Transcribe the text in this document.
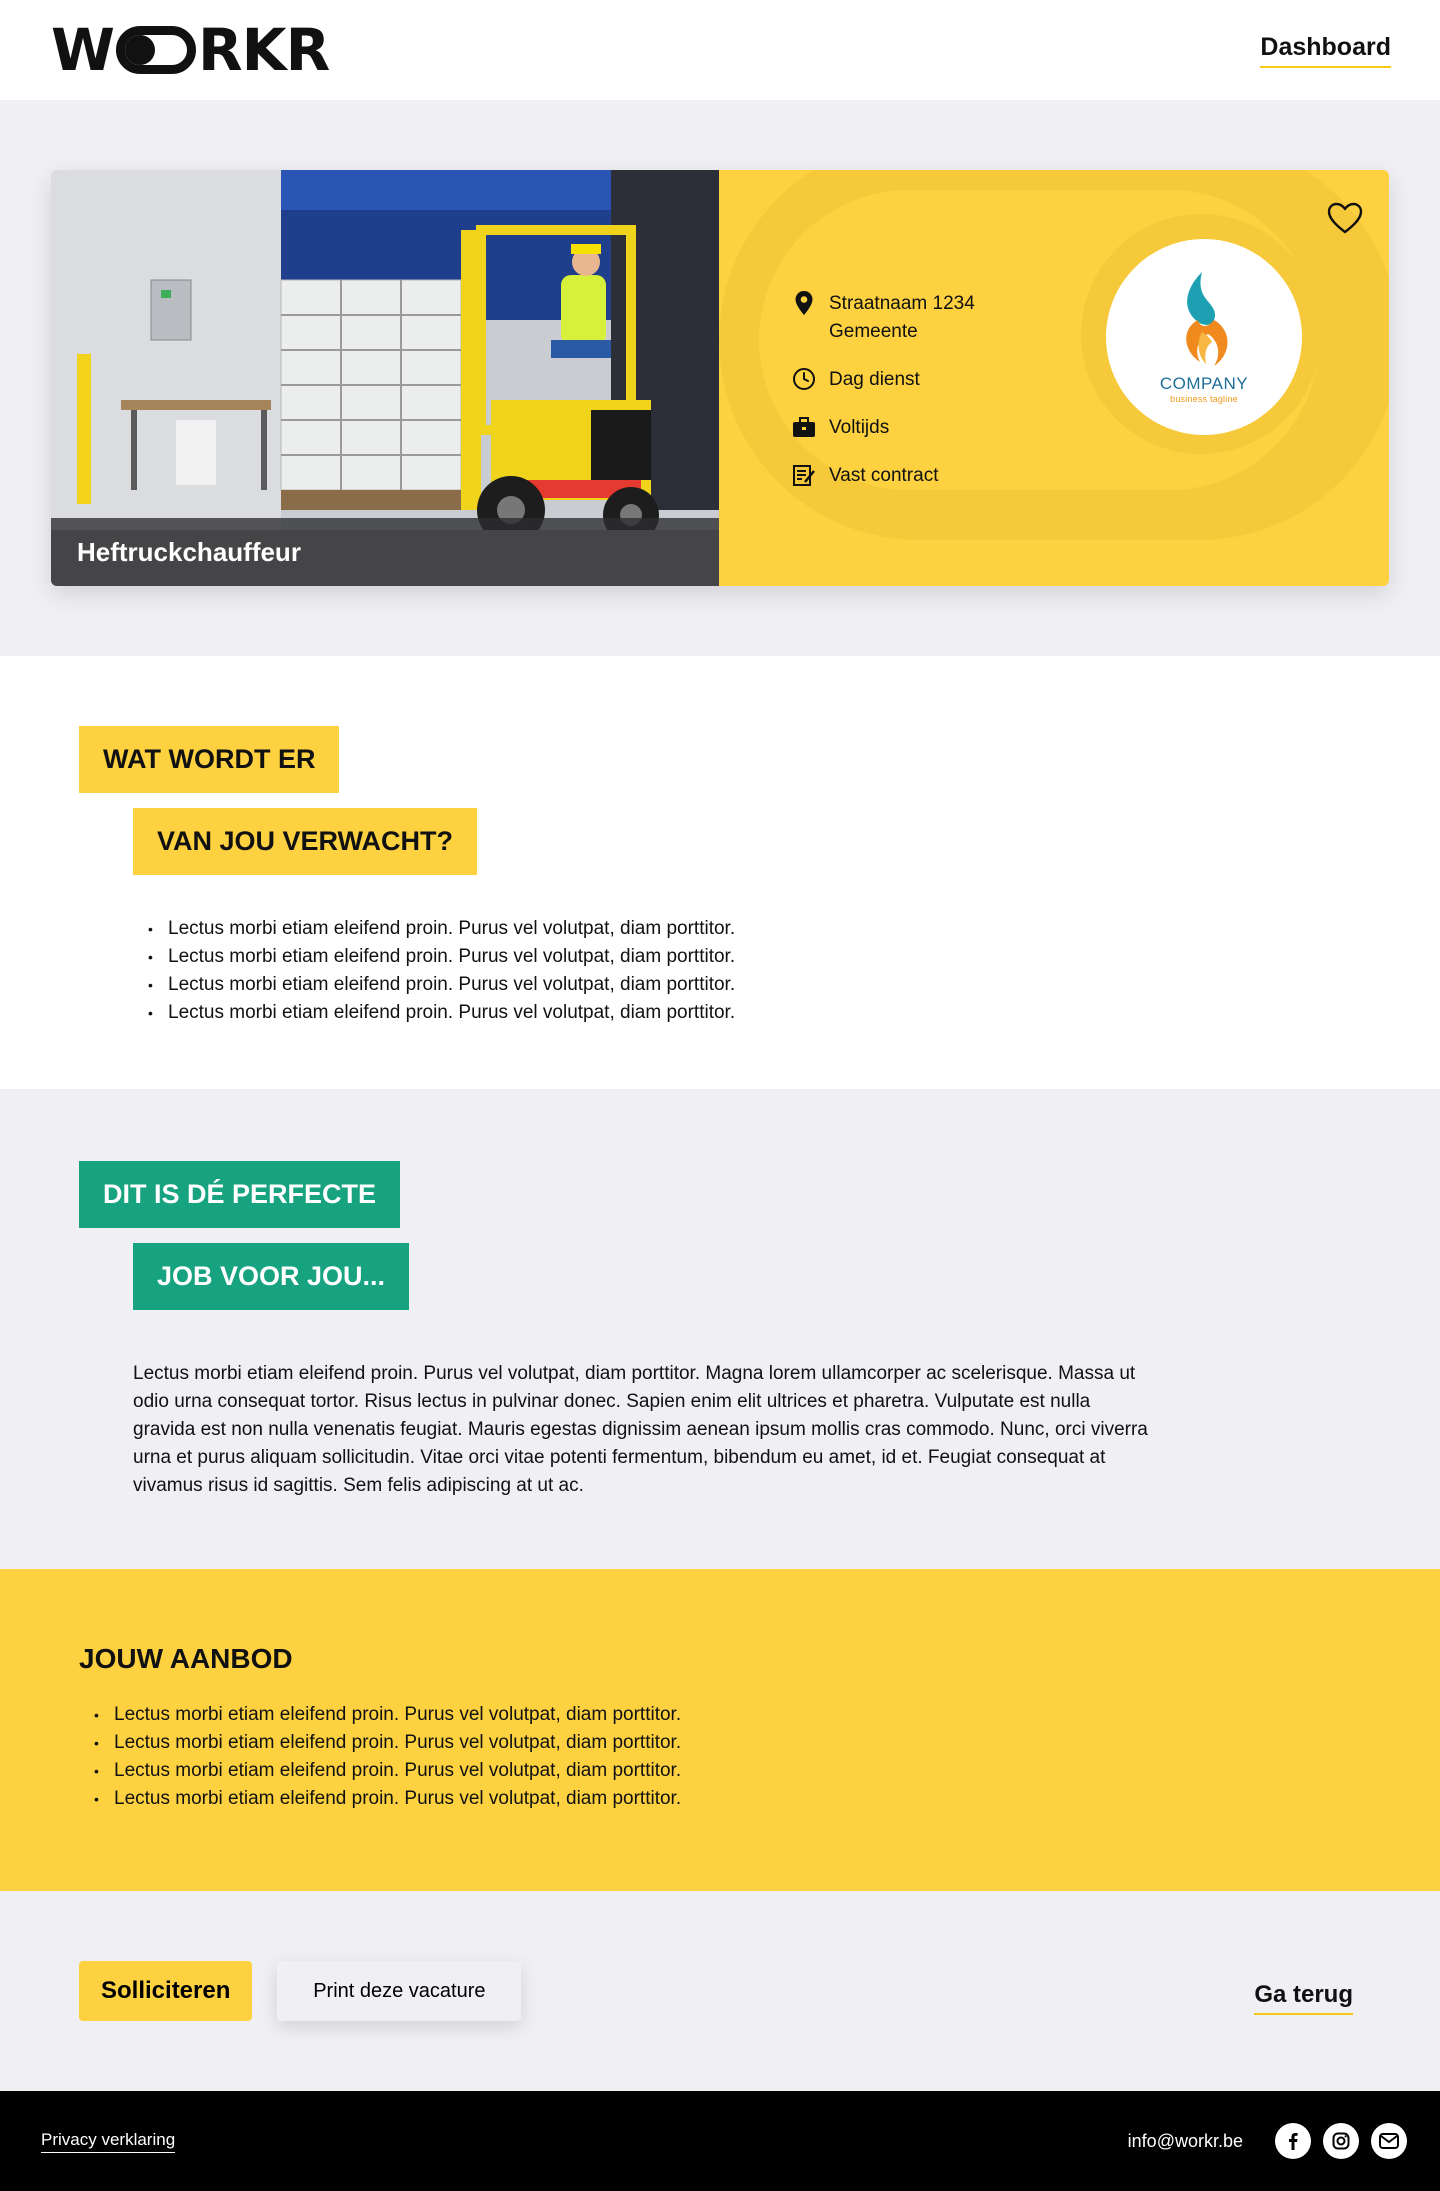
W RKR	Dashboard
Heftruckchauffeur
COMPANY
business tagline
Straatnaam 1234
Gemeente
Dag dienst
Voltijds
Vast contract
WAT WORDT ER
VAN JOU VERWACHT?
• Lectus morbi etiam eleifend proin. Purus vel volutpat, diam porttitor.
• Lectus morbi etiam eleifend proin. Purus vel volutpat, diam porttitor.
• Lectus morbi etiam eleifend proin. Purus vel volutpat, diam porttitor.
• Lectus morbi etiam eleifend proin. Purus vel volutpat, diam porttitor.
DIT IS DÉ PERFECTE
JOB VOOR JOU...

Lectus morbi etiam eleifend proin. Purus vel volutpat, diam porttitor. Magna lorem ullamcorper ac scelerisque. Massa ut odio urna consequat tortor. Risus lectus in pulvinar donec. Sapien enim elit ultrices et pharetra. Vulputate est nulla gravida est non nulla venenatis feugiat. Mauris egestas dignissim aenean ipsum mollis cras commodo. Nunc, orci viverra urna et purus aliquam sollicitudin. Vitae orci vitae potenti fermentum, bibendum eu amet, id et. Feugiat consequat at vivamus risus id sagittis. Sem felis adipiscing at ut ac.

JOUW AANBOD
• Lectus morbi etiam eleifend proin. Purus vel volutpat, diam porttitor.
• Lectus morbi etiam eleifend proin. Purus vel volutpat, diam porttitor.
• Lectus morbi etiam eleifend proin. Purus vel volutpat, diam porttitor.
• Lectus morbi etiam eleifend proin. Purus vel volutpat, diam porttitor.
Solliciteren	Print deze vacature	Ga terug
Privacy verklaring	info@workr.be
